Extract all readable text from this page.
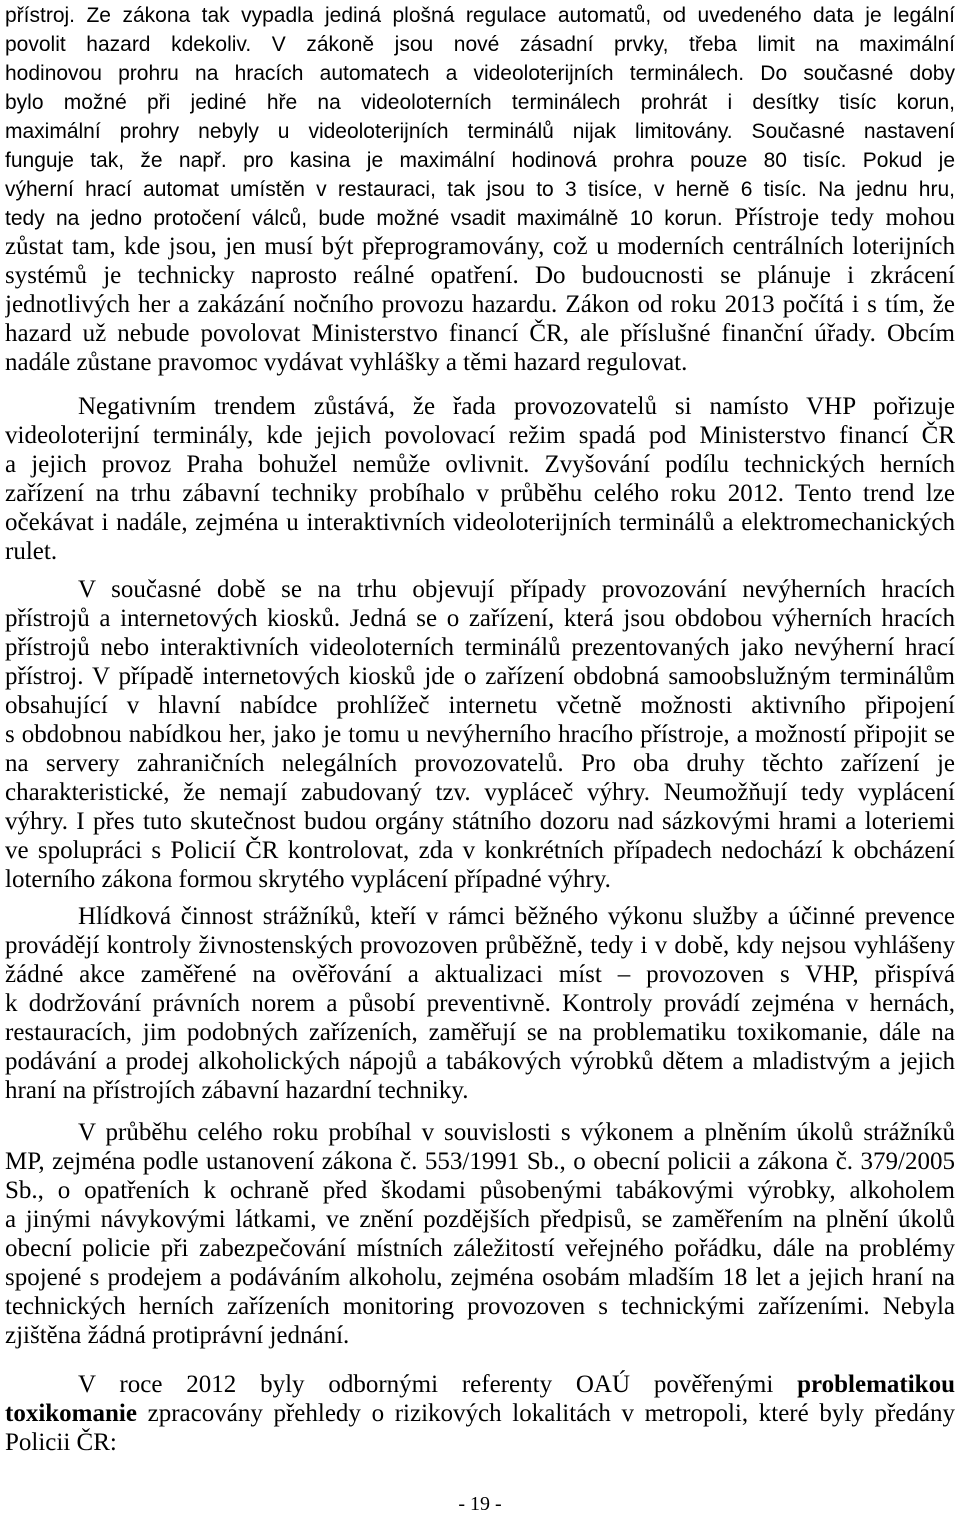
přístroj. Ze zákona tak vypadla jediná plošná regulace automatů, od uvedeného data je legální
povolit hazard kdekoliv. V zákoně jsou nové zásadní prvky, třeba limit na maximální
hodinovou prohru na hracích automatech a videoloterijních terminálech. Do současné doby
bylo možné při jediné hře na videoloterních terminálech prohrát i desítky tisíc korun,
maximální prohry nebyly u videoloterijních terminálů nijak limitovány. Současné nastavení
funguje tak, že např. pro kasina je maximální hodinová prohra pouze 80 tisíc. Pokud je
výherní hrací automat umístěn v restauraci, tak jsou to 3 tisíce, v herně 6 tisíc. Na jednu hru,
tedy na jedno protočení válců, bude možné vsadit maximálně 10 korun. Přístroje tedy mohou
zůstat tam, kde jsou, jen musí být přeprogramovány, což u moderních centrálních loterijních
systémů je technicky naprosto reálné opatření. Do budoucnosti se plánuje i zkrácení
jednotlivých her a zakázání nočního provozu hazardu. Zákon od roku 2013 počítá i s tím, že
hazard už nebude povolovat Ministerstvo financí ČR, ale příslušné finanční úřady. Obcím
nadále zůstane pravomoc vydávat vyhlášky a těmi hazard regulovat.
Negativním trendem zůstává, že řada provozovatelů si namísto VHP pořizuje
videoloterijní terminály, kde jejich povolovací režim spadá pod Ministerstvo financí ČR
a jejich provoz Praha bohužel nemůže ovlivnit. Zvyšování podílu technických herních
zařízení na trhu zábavní techniky probíhalo v průběhu celého roku 2012. Tento trend lze
očekávat i nadále, zejména u interaktivních videoloterijních terminálů a elektromechanických
rulet.
V současné době se na trhu objevují případy provozování nevýherních hracích
přístrojů a internetových kiosků. Jedná se o zařízení, která jsou obdobou výherních hracích
přístrojů nebo interaktivních videoloterních terminálů prezentovaných jako nevýherní hrací
přístroj. V případě internetových kiosků jde o zařízení obdobná samoobslužným terminálům
obsahující v hlavní nabídce prohlížeč internetu včetně možnosti aktivního připojení
s obdobnou nabídkou her, jako je tomu u nevýherního hracího přístroje, a možností připojit se
na servery zahraničních nelegálních provozovatelů. Pro oba druhy těchto zařízení je
charakteristické, že nemají zabudovaný tzv. vypláceč výhry. Neumožňují tedy vyplácení
výhry. I přes tuto skutečnost budou orgány státního dozoru nad sázkovými hrami a loteriemi
ve spolupráci s Policií ČR kontrolovat, zda v konkrétních případech nedochází k obcházení
loterního zákona formou skrytého vyplácení případné výhry.
Hlídková činnost strážníků, kteří v rámci běžného výkonu služby a účinné prevence
provádějí kontroly živnostenských provozoven průběžně, tedy i v době, kdy nejsou vyhlášeny
žádné akce zaměřené na ověřování a aktualizaci míst – provozoven s VHP, přispívá
k dodržování právních norem a působí preventivně. Kontroly provádí zejména v hernách,
restauracích, jim podobných zařízeních, zaměřují se na problematiku toxikomanie, dále na
podávání a prodej alkoholických nápojů a tabákových výrobků dětem a mladistvým a jejich
hraní na přístrojích zábavní hazardní techniky.
V průběhu celého roku probíhal v souvislosti s výkonem a plněním úkolů strážníků
MP, zejména podle ustanovení zákona č. 553/1991 Sb., o obecní policii a zákona č. 379/2005
Sb., o opatřeních k ochraně před škodami působenými tabákovými výrobky, alkoholem
a jinými návykovými látkami, ve znění pozdějších předpisů, se zaměřením na plnění úkolů
obecní policie při zabezpečování místních záležitostí veřejného pořádku, dále na problémy
spojené s prodejem a podáváním alkoholu, zejména osobám mladším 18 let a jejich hraní na
technických herních zařízeních monitoring provozoven s technickými zařízeními. Nebyla
zjištěna žádná protiprávní jednání.
V roce 2012 byly odbornými referenty OAÚ pověřenými problematikou
toxikomanie zpracovány přehledy o rizikových lokalitách v metropoli, které byly předány
Policii ČR:
- 19 -
